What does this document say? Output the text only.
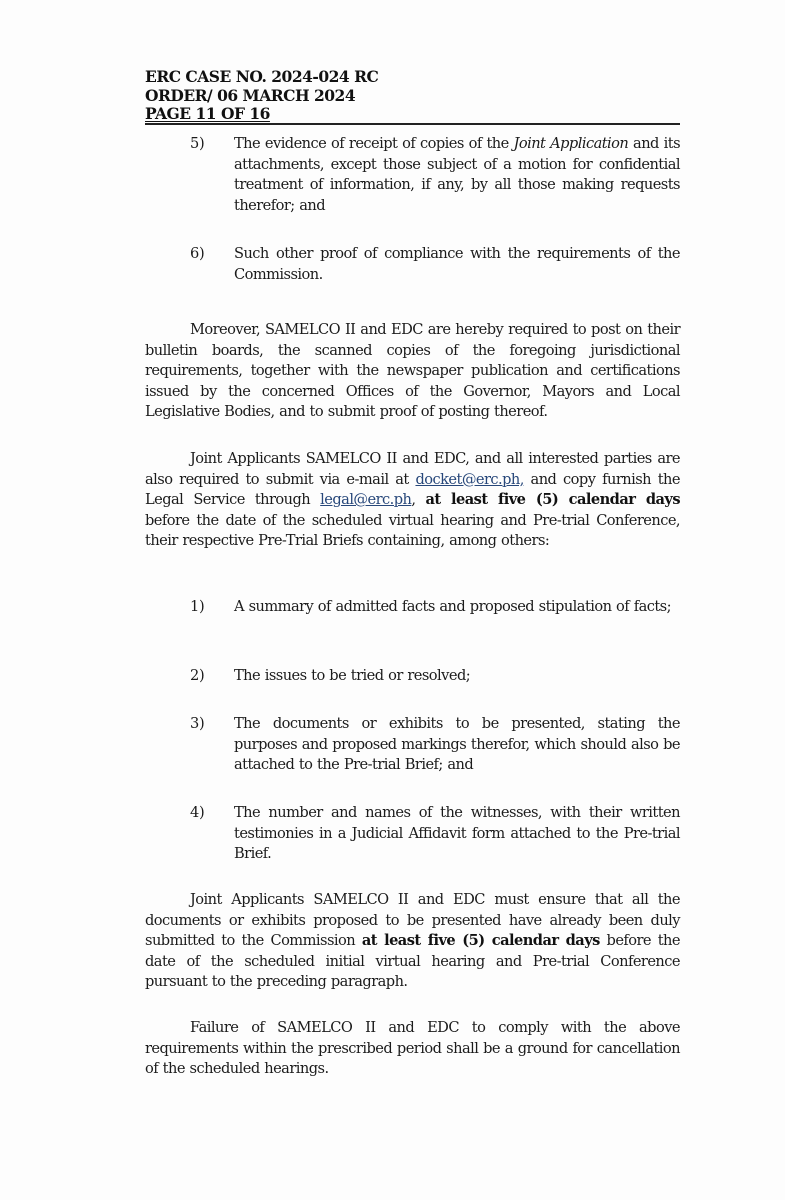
ERC CASE NO. 2024-024 RC
ORDER/ 06 MARCH 2024
PAGE 11 OF 16
5) The evidence of receipt of copies of the Joint Application and its attachments, except those subject of a motion for confidential treatment of information, if any, by all those making requests therefor; and
6) Such other proof of compliance with the requirements of the Commission.
Moreover, SAMELCO II and EDC are hereby required to post on their bulletin boards, the scanned copies of the foregoing jurisdictional requirements, together with the newspaper publication and certifications issued by the concerned Offices of the Governor, Mayors and Local Legislative Bodies, and to submit proof of posting thereof.
Joint Applicants SAMELCO II and EDC, and all interested parties are also required to submit via e-mail at docket@erc.ph, and copy furnish the Legal Service through legal@erc.ph, at least five (5) calendar days before the date of the scheduled virtual hearing and Pre-trial Conference, their respective Pre-Trial Briefs containing, among others:
1) A summary of admitted facts and proposed stipulation of facts;
2) The issues to be tried or resolved;
3) The documents or exhibits to be presented, stating the purposes and proposed markings therefor, which should also be attached to the Pre-trial Brief; and
4) The number and names of the witnesses, with their written testimonies in a Judicial Affidavit form attached to the Pre-trial Brief.
Joint Applicants SAMELCO II and EDC must ensure that all the documents or exhibits proposed to be presented have already been duly submitted to the Commission at least five (5) calendar days before the date of the scheduled initial virtual hearing and Pre-trial Conference pursuant to the preceding paragraph.
Failure of SAMELCO II and EDC to comply with the above requirements within the prescribed period shall be a ground for cancellation of the scheduled hearings.
